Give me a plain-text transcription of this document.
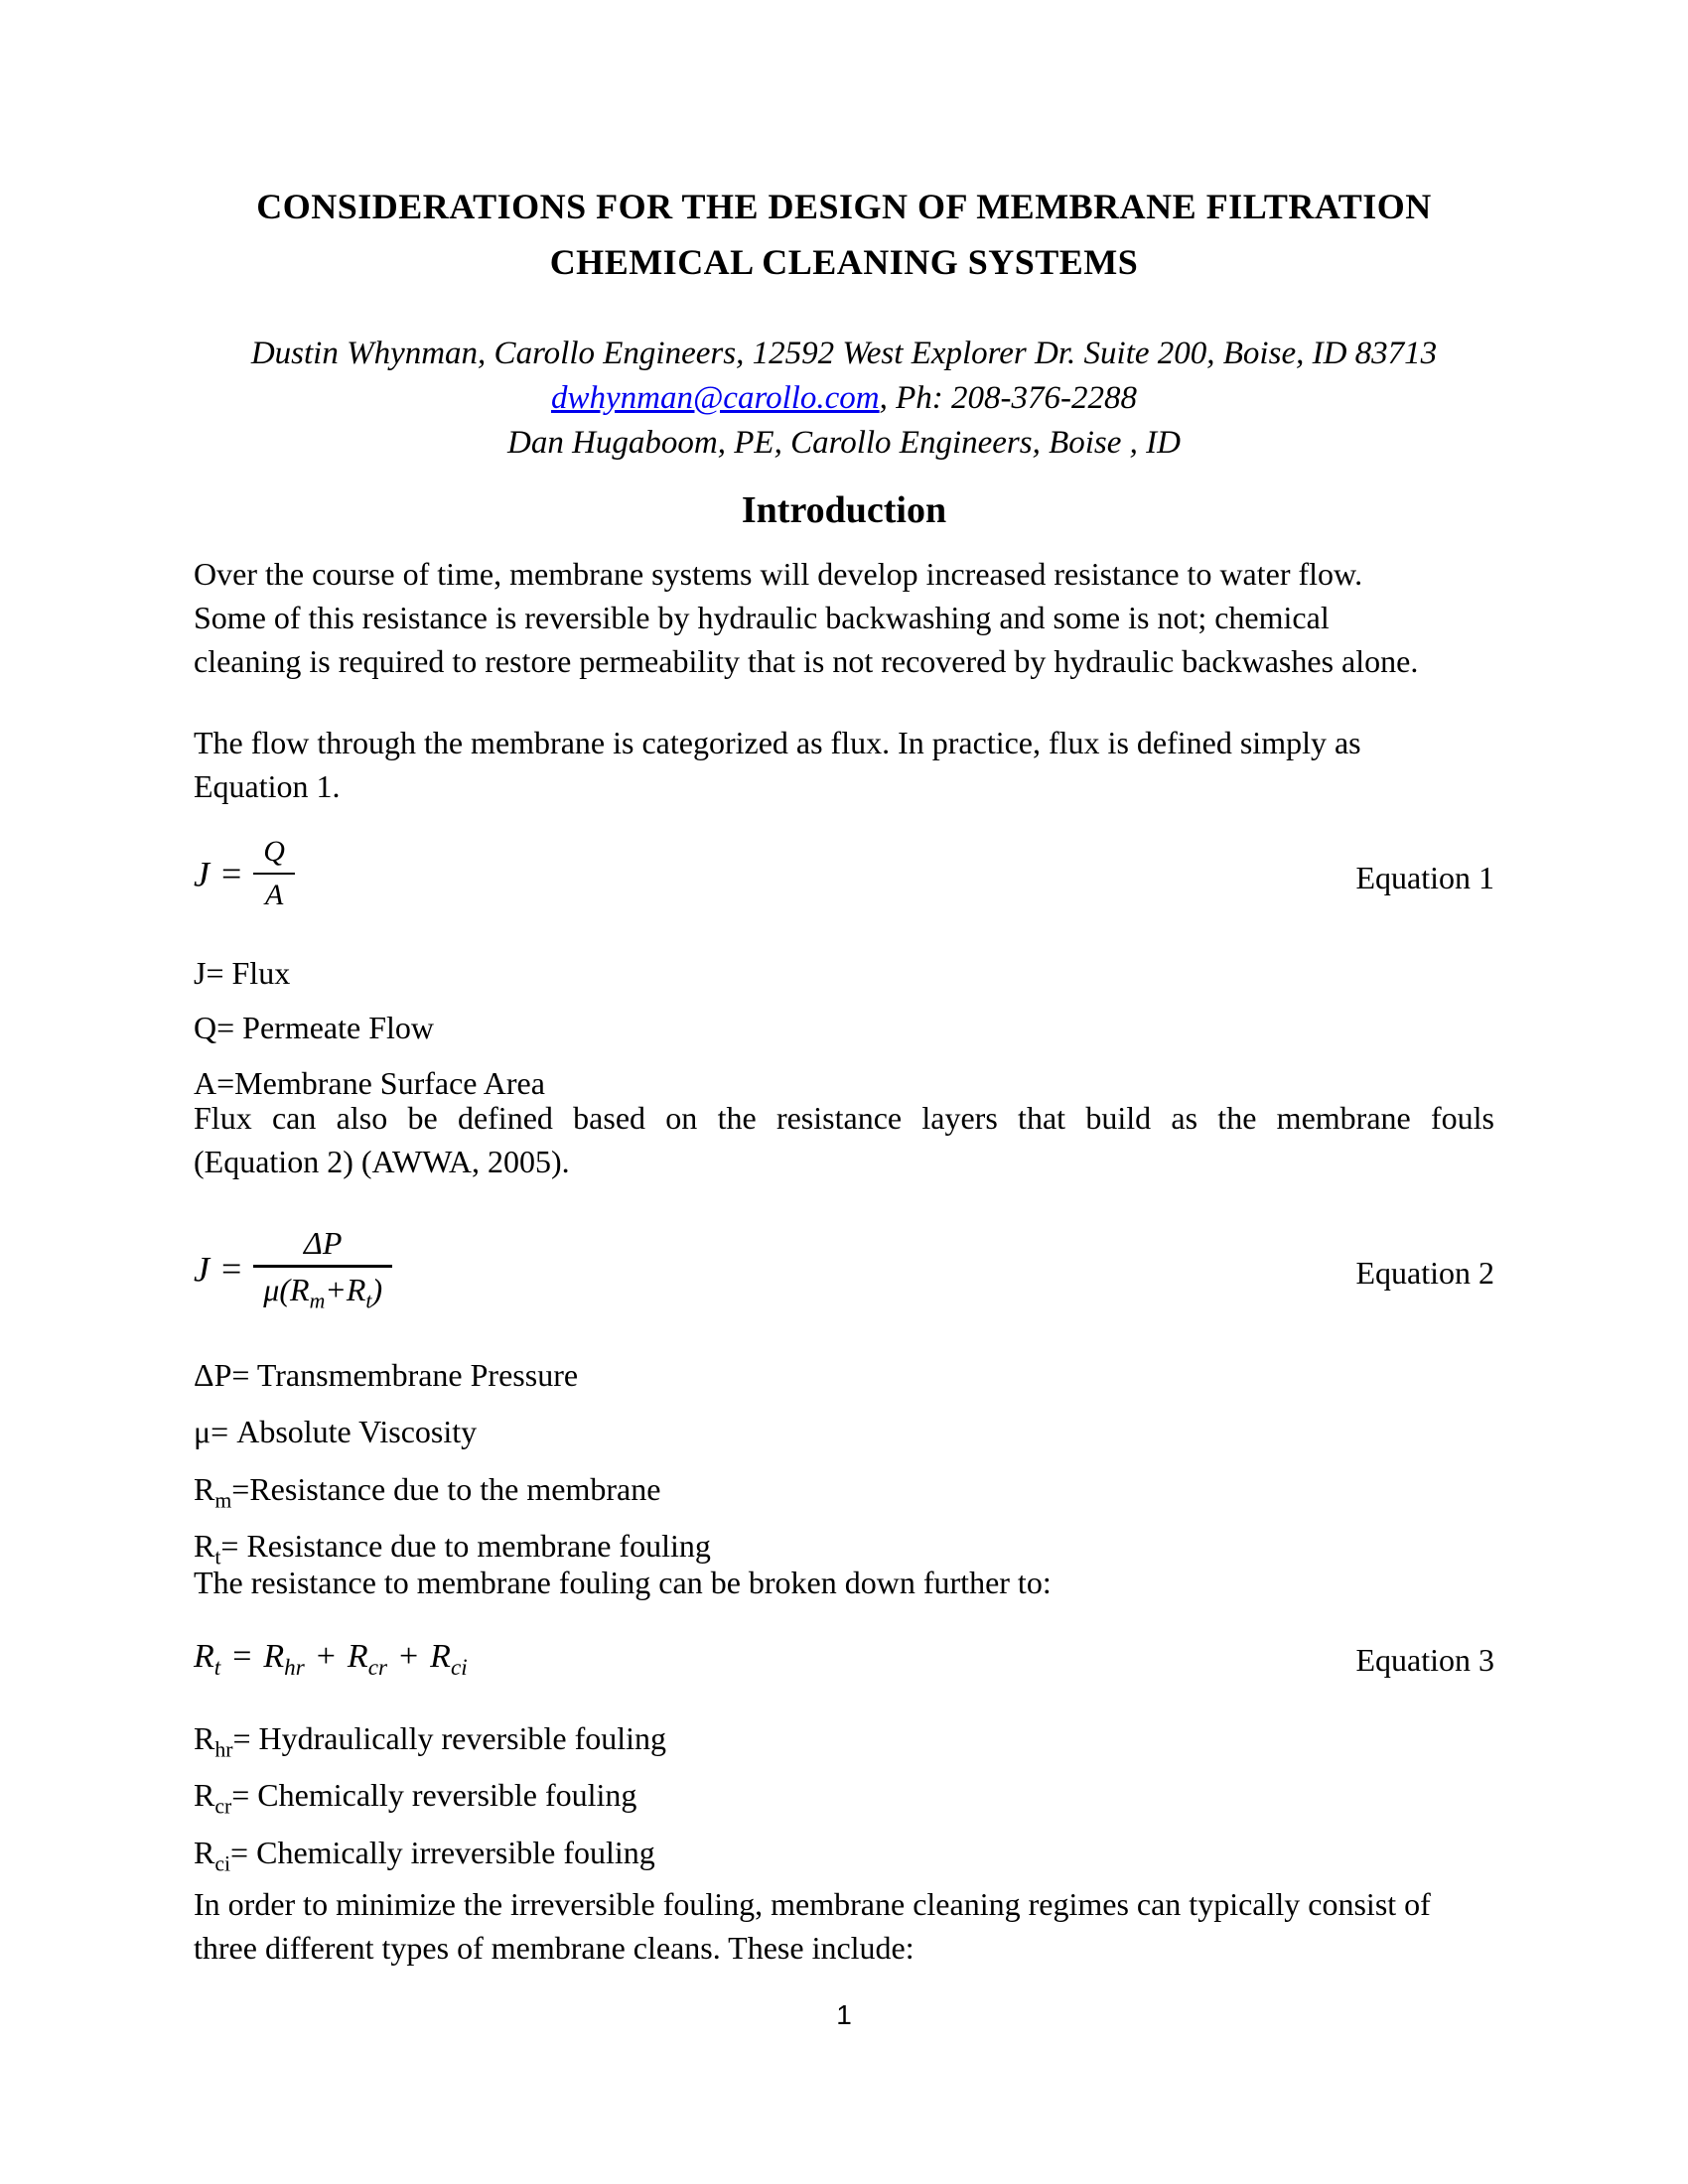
CONSIDERATIONS FOR THE DESIGN OF MEMBRANE FILTRATION
CHEMICAL CLEANING SYSTEMS
Dustin Whynman, Carollo Engineers, 12592 West Explorer Dr. Suite 200, Boise, ID 83713
dwhynman@carollo.com, Ph: 208-376-2288
Dan Hugaboom, PE, Carollo Engineers, Boise , ID
Introduction
Over the course of time, membrane systems will develop increased resistance to water flow.
Some of this resistance is reversible by hydraulic backwashing and some is not; chemical
cleaning is required to restore permeability that is not recovered by hydraulic backwashes alone.
The flow through the membrane is categorized as flux. In practice, flux is defined simply as
Equation 1.
$J = \frac{Q}{A}$	Equation 1
J= Flux
Q= Permeate Flow
A=Membrane Surface Area
Flux can also be defined based on the resistance layers that build as the membrane fouls
(Equation 2) (AWWA, 2005).
$J = \frac{\Delta P}{\mu(R_m+R_t)}$	Equation 2
ΔP= Transmembrane Pressure
μ= Absolute Viscosity
$R_m=Resistance$ due to the membrane
$R_t=$ Resistance due to membrane fouling
The resistance to membrane fouling can be broken down further to:
$R_t = R_{hr} + R_{cr} + R_{ci}$	Equation 3
$R_{hr}=$ Hydraulically reversible fouling
$R_{cr}=$ Chemically reversible fouling
$R_{ci}=$ Chemically irreversible fouling
In order to minimize the irreversible fouling, membrane cleaning regimes can typically consist of
three different types of membrane cleans. These include:
1
